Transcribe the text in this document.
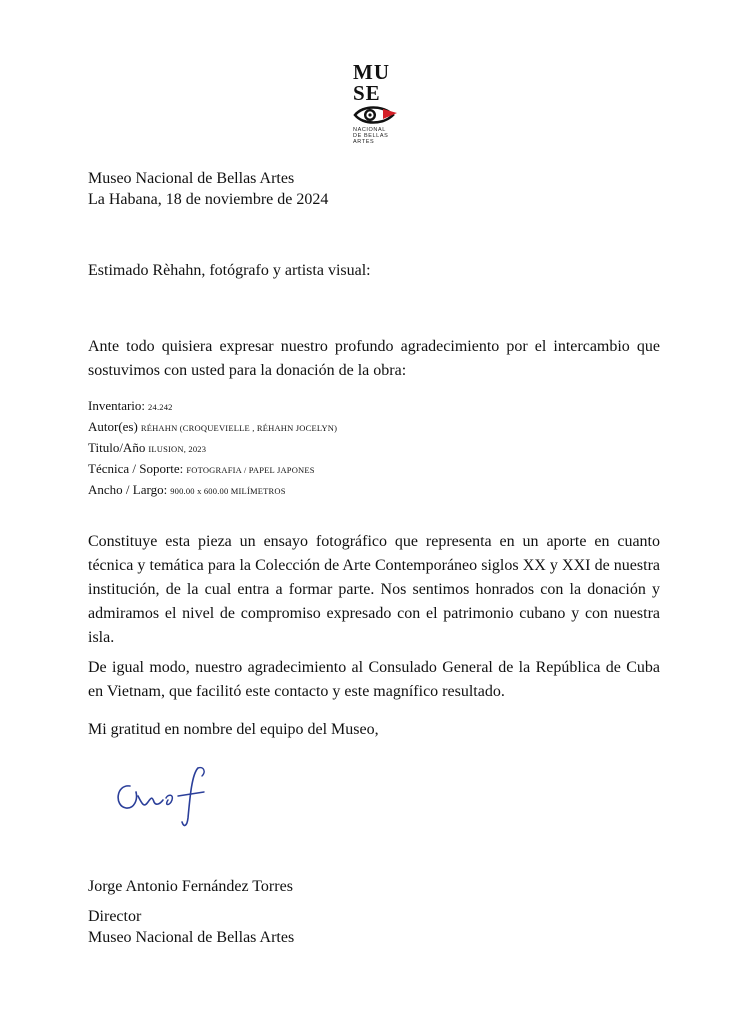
MU
SE
NACIONAL
DE BELLAS
ARTES
Museo Nacional de Bellas Artes
La Habana, 18 de noviembre de 2024
Estimado Rèhahn, fotógrafo y artista visual:
Ante todo quisiera expresar nuestro profundo agradecimiento por el intercambio que sostuvimos con usted para la donación de la obra:
Inventario: 24.242
Autor(es) RÉHAHN (CROQUEVIELLE , RÉHAHN JOCELYN)
Titulo/Año ILUSION, 2023
Técnica / Soporte: FOTOGRAFIA / PAPEL JAPONES
Ancho / Largo: 900.00 x 600.00 MILÍMETROS
Constituye esta pieza un ensayo fotográfico que representa en un aporte en cuanto técnica y temática para la Colección de Arte Contemporáneo siglos XX y XXI de nuestra institución, de la cual entra a formar parte. Nos sentimos honrados con la donación y admiramos el nivel de compromiso expresado con el patrimonio cubano y con nuestra isla.
De igual modo, nuestro agradecimiento al Consulado General de la República de Cuba en Vietnam, que facilitó este contacto y este magnífico resultado.
Mi gratitud en nombre del equipo del Museo,
Jorge Antonio Fernández Torres
Director
Museo Nacional de Bellas Artes
